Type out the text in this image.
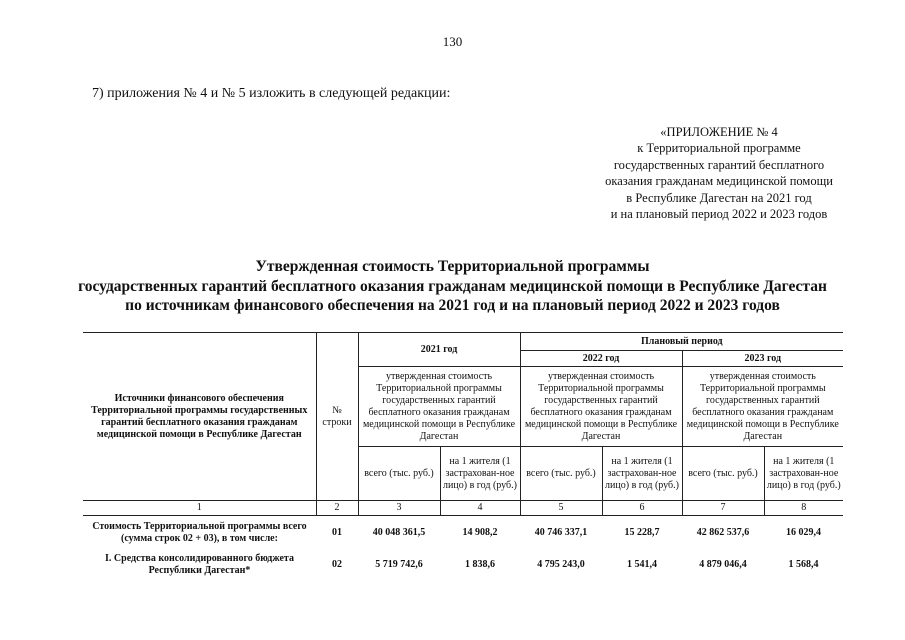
130
7) приложения № 4 и № 5 изложить в следующей редакции:
«ПРИЛОЖЕНИЕ № 4
к Территориальной программе
государственных гарантий бесплатного
оказания гражданам медицинской помощи
в Республике Дагестан на 2021 год
и на плановый период 2022 и 2023 годов
Утвержденная стоимость Территориальной программы
государственных гарантий бесплатного оказания гражданам медицинской помощи в Республике Дагестан
по источникам финансового обеспечения на 2021 год и на плановый период 2022 и 2023 годов
Источники финансового обеспечения Территориальной программы государственных гарантий бесплатного оказания гражданам медицинской помощи в Республике Дагестан	№ строки	2021 год		Плановый период			
				2022 год		2023 год	
		утвержденная стоимость Территориальной программы государственных гарантий бесплатного оказания гражданам медицинской помощи в Республике Дагестан		утвержденная стоимость Территориальной программы государственных гарантий бесплатного оказания гражданам медицинской помощи в Республике Дагестан		утвержденная стоимость Территориальной программы государственных гарантий бесплатного оказания гражданам медицинской помощи в Республике Дагестан	
		всего (тыс. руб.)	на 1 жителя (1 застрахован-ное лицо) в год (руб.)	всего (тыс. руб.)	на 1 жителя (1 застрахован-ное лицо) в год (руб.)	всего (тыс. руб.)	на 1 жителя (1 застрахован-ное лицо) в год (руб.)
1	2	3	4	5	6	7	8
Стоимость Территориальной программы всего (сумма строк 02 + 03), в том числе:	01	40 048 361,5	14 908,2	40 746 337,1	15 228,7	42 862 537,6	16 029,4
I. Средства консолидированного бюджета Республики Дагестан*	02	5 719 742,6	1 838,6	4 795 243,0	1 541,4	4 879 046,4	1 568,4
